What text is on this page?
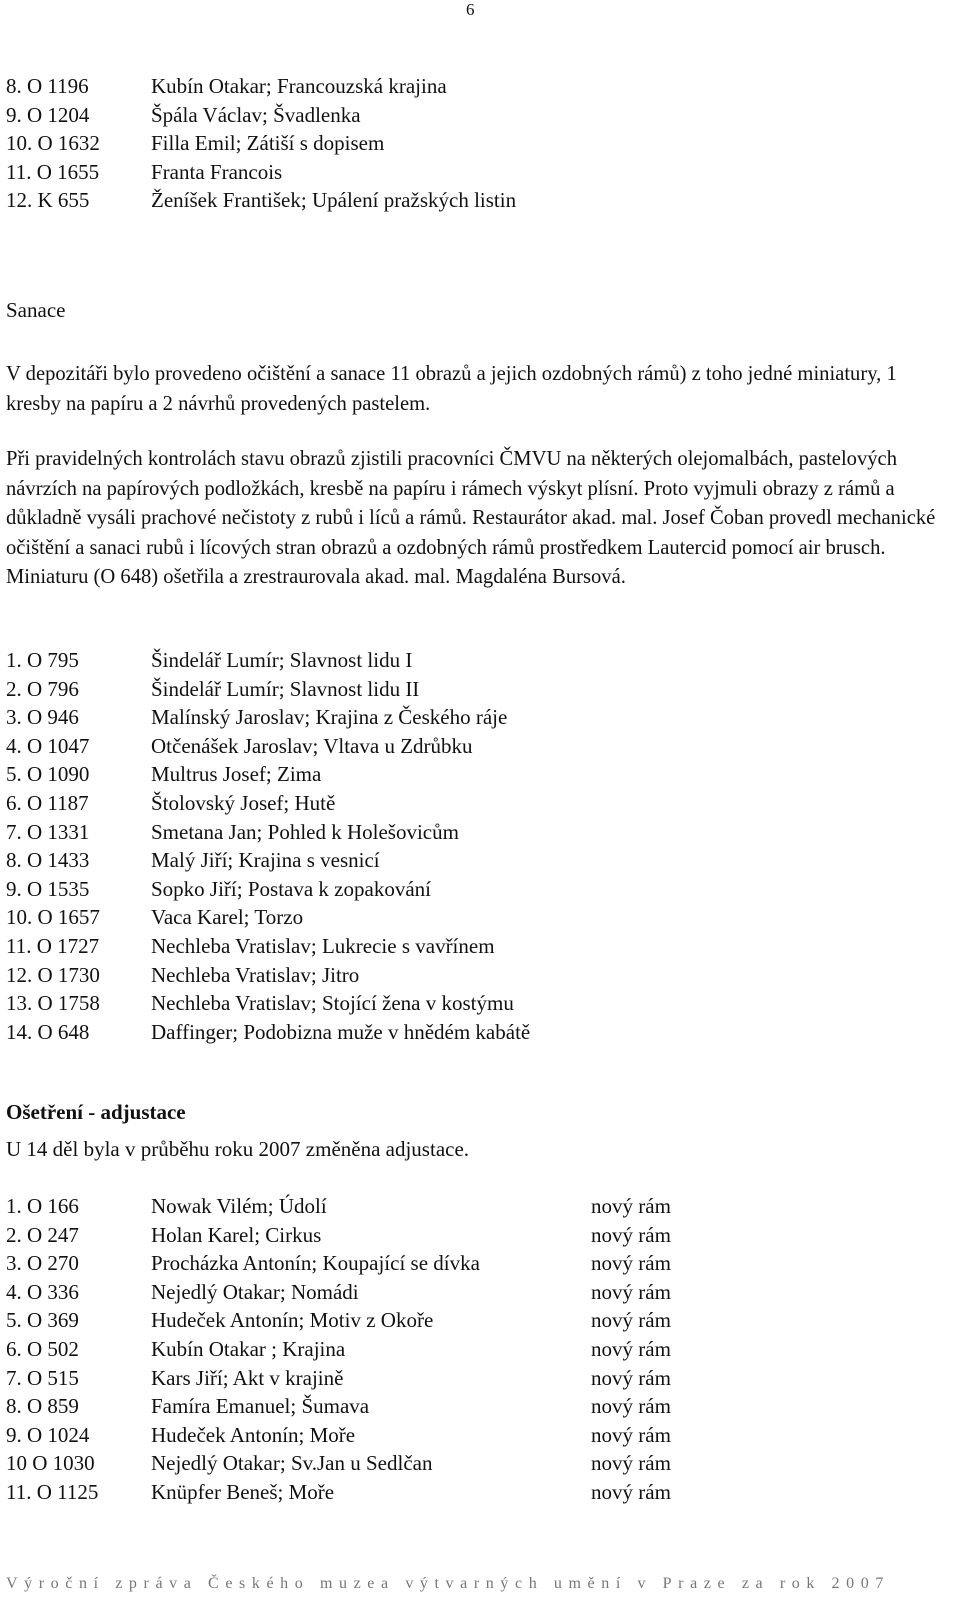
6
8. O 1196	Kubín Otakar; Francouzská krajina
9. O 1204	Špála Václav; Švadlenka
10. O 1632	Filla Emil; Zátiší s dopisem
11. O 1655	Franta Francois
12. K 655	Ženíšek František; Upálení pražských listin
Sanace

V depozitáři bylo provedeno očištění a sanace 11 obrazů a jejich ozdobných rámů) z toho jedné miniatury, 1 kresby na papíru a 2 návrhů provedených pastelem.

Při pravidelných kontrolách stavu obrazů zjistili pracovníci ČMVU na některých olejomalbách, pastelových návrzích na papírových podložkách, kresbě na papíru i rámech výskyt plísní. Proto vyjmuli obrazy z rámů a důkladně vysáli prachové nečistoty z rubů i líců a rámů. Restaurátor akad. mal. Josef Čoban provedl mechanické očištění a sanaci rubů i lícových stran obrazů a ozdobných rámů prostředkem Lautercid pomocí air brusch. Miniaturu (O 648) ošetřila a zrestraurovala akad. mal. Magdaléna Bursová.

1. O 795	Šindelář Lumír; Slavnost lidu I
2. O 796	Šindelář Lumír; Slavnost lidu II
3. O 946	Malínský Jaroslav; Krajina z Českého ráje
4. O 1047	Otčenášek Jaroslav; Vltava u Zdrůbku
5. O 1090	Multrus Josef; Zima
6. O 1187	Štolovský Josef; Hutě
7. O 1331	Smetana Jan; Pohled k Holešovicům
8. O 1433	Malý Jiří; Krajina s vesnicí
9. O 1535	Sopko Jiří; Postava k zopakování
10. O 1657	Vaca Karel; Torzo
11. O 1727	Nechleba Vratislav; Lukrecie s vavřínem
12. O 1730	Nechleba Vratislav; Jitro
13. O 1758	Nechleba Vratislav; Stojící žena v kostýmu
14. O 648	Daffinger; Podobizna muže v hnědém kabátě
Ošetření - adjustace

U 14 děl byla v průběhu roku 2007 změněna adjustace.

1. O 166	Nowak Vilém; Údolí	nový rám
2. O 247	Holan Karel; Cirkus	nový rám
3. O 270	Procházka Antonín; Koupající se dívka	nový rám
4. O 336	Nejedlý Otakar; Nomádi	nový rám
5. O 369	Hudeček Antonín; Motiv z Okoře	nový rám
6. O 502	Kubín Otakar ; Krajina	nový rám
7. O 515	Kars Jiří; Akt v krajině	nový rám
8. O 859	Famíra Emanuel; Šumava	nový rám
9. O 1024	Hudeček Antonín; Moře	nový rám
10 O 1030	Nejedlý Otakar; Sv.Jan u Sedlčan	nový rám
11. O 1125	Knüpfer Beneš; Moře	nový rám
Výroční zpráva Českého muzea výtvarných umění v Praze za rok 2007
